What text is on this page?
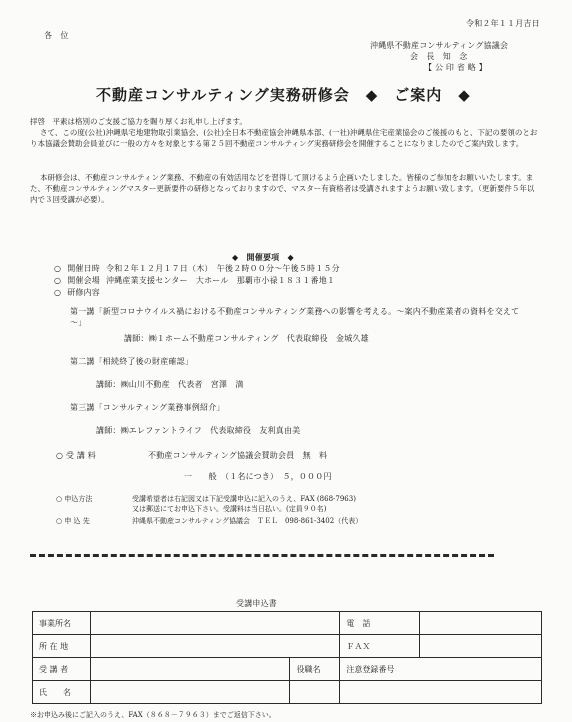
令和２年１１月吉日
各　位
沖縄県不動産コンサルティング協議会
会　長　知　念　　　　
【 公 印 省 略 】
不動産コンサルティング実務研修会　◆　ご案内　◆
拝啓　平素は格別のご支援ご協力を賜り厚くお礼申し上げます。
さて、この度(公社)沖縄県宅地建物取引業協会、(公社)全日本不動産協会沖縄県本部、(一社)沖縄県住宅産業協会のご後援のもと、下記の要領のとおり本協議会賛助会員並びに一般の方々を対象とする第２５回不動産コンサルティング実務研修会を開催することになりましたのでご案内致します。
本研修会は、不動産コンサルティング業務、不動産の有効活用などを習得して頂けるよう企画いたしました。皆様のご参加をお願いいたします。また、不動産コンサルティングマスター更新要件の研修となっておりますので、マスター有資格者は受講されますようお願い致します。（更新要件５年以内で３回受講が必要）。
◆　開催要項　◆
○ 開催日時 令和２年１２月１７日（木）　午後２時００分～午後５時１５分
○ 開催会場 沖縄産業支援センター　大ホール　那覇市小禄１８３１番地１
○ 研修内容
第一講「新型コロナウイルス禍における不動産コンサルティング業務への影響を考える。～案内不動産業者の資料を交えて～」
講師：㈱１ホーム不動産コンサルティング　代表取締役　金城久雄
第二講「相続終了後の財産確認」
講師：㈱山川不動産　代表者　宮澤　満
第三講「コンサルティング業務事例紹介」
講師：㈱エレファントライフ　代表取締役　友利真由美
○ 受 講 料	不動産コンサルティング協議会賛助会員　無　料
一　　般　（１名につき）　５，０００円
○ 申込方法	受講希望者は右記図又は下記受講申込に記入のうえ、FAX (868-7963)
又は郵送にてお申込下さい。受講料は当日払い。(定員９０名)
○ 申 込 先	沖縄県不動産コンサルティング協議会　ＴＥＬ　098-861-3402（代表）
受講申込書
事業所名			電　話	
所 在 地			ＦＡＸ	
受 講 者		役職名	注意登録番号	
氏　　名				
※お申込み後にご記入のうえ、FAX（８６８－７９６３）までご返信下さい。
